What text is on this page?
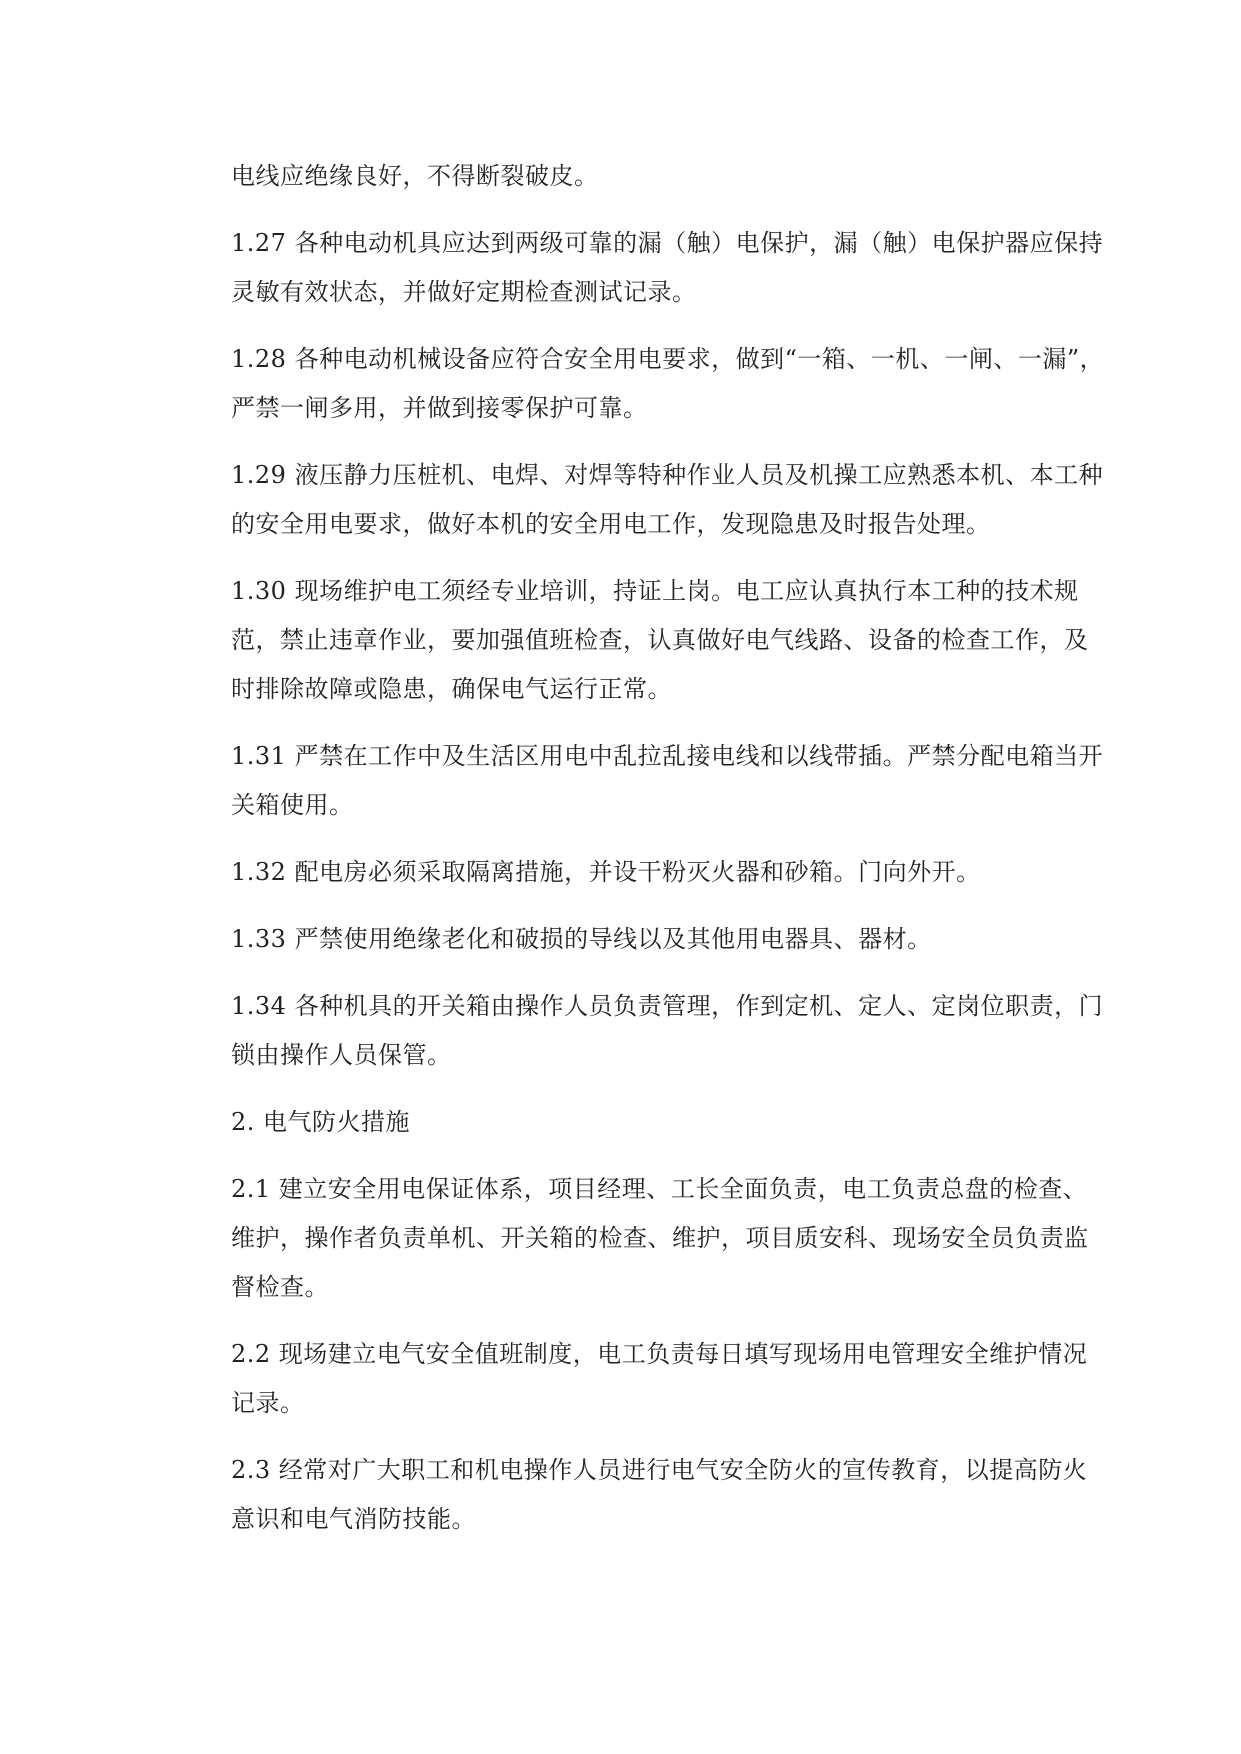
电线应绝缘良好，不得断裂破皮。

1.27 各种电动机具应达到两级可靠的漏（触）电保护，漏（触）电保护器应保持灵敏有效状态，并做好定期检查测试记录。

1.28 各种电动机械设备应符合安全用电要求，做到“一箱、一机、一闸、一漏”，严禁一闸多用，并做到接零保护可靠。

1.29 液压静力压桩机、电焊、对焊等特种作业人员及机操工应熟悉本机、本工种的安全用电要求，做好本机的安全用电工作，发现隐患及时报告处理。

1.30 现场维护电工须经专业培训，持证上岗。电工应认真执行本工种的技术规范，禁止违章作业，要加强值班检查，认真做好电气线路、设备的检查工作，及时排除故障或隐患，确保电气运行正常。

1.31 严禁在工作中及生活区用电中乱拉乱接电线和以线带插。严禁分配电箱当开关箱使用。

1.32 配电房必须采取隔离措施，并设干粉灭火器和砂箱。门向外开。

1.33 严禁使用绝缘老化和破损的导线以及其他用电器具、器材。

1.34 各种机具的开关箱由操作人员负责管理，作到定机、定人、定岗位职责，门锁由操作人员保管。

2. 电气防火措施

2.1 建立安全用电保证体系，项目经理、工长全面负责，电工负责总盘的检查、维护，操作者负责单机、开关箱的检查、维护，项目质安科、现场安全员负责监督检查。

2.2 现场建立电气安全值班制度，电工负责每日填写现场用电管理安全维护情况记录。

2.3 经常对广大职工和机电操作人员进行电气安全防火的宣传教育，以提高防火意识和电气消防技能。
